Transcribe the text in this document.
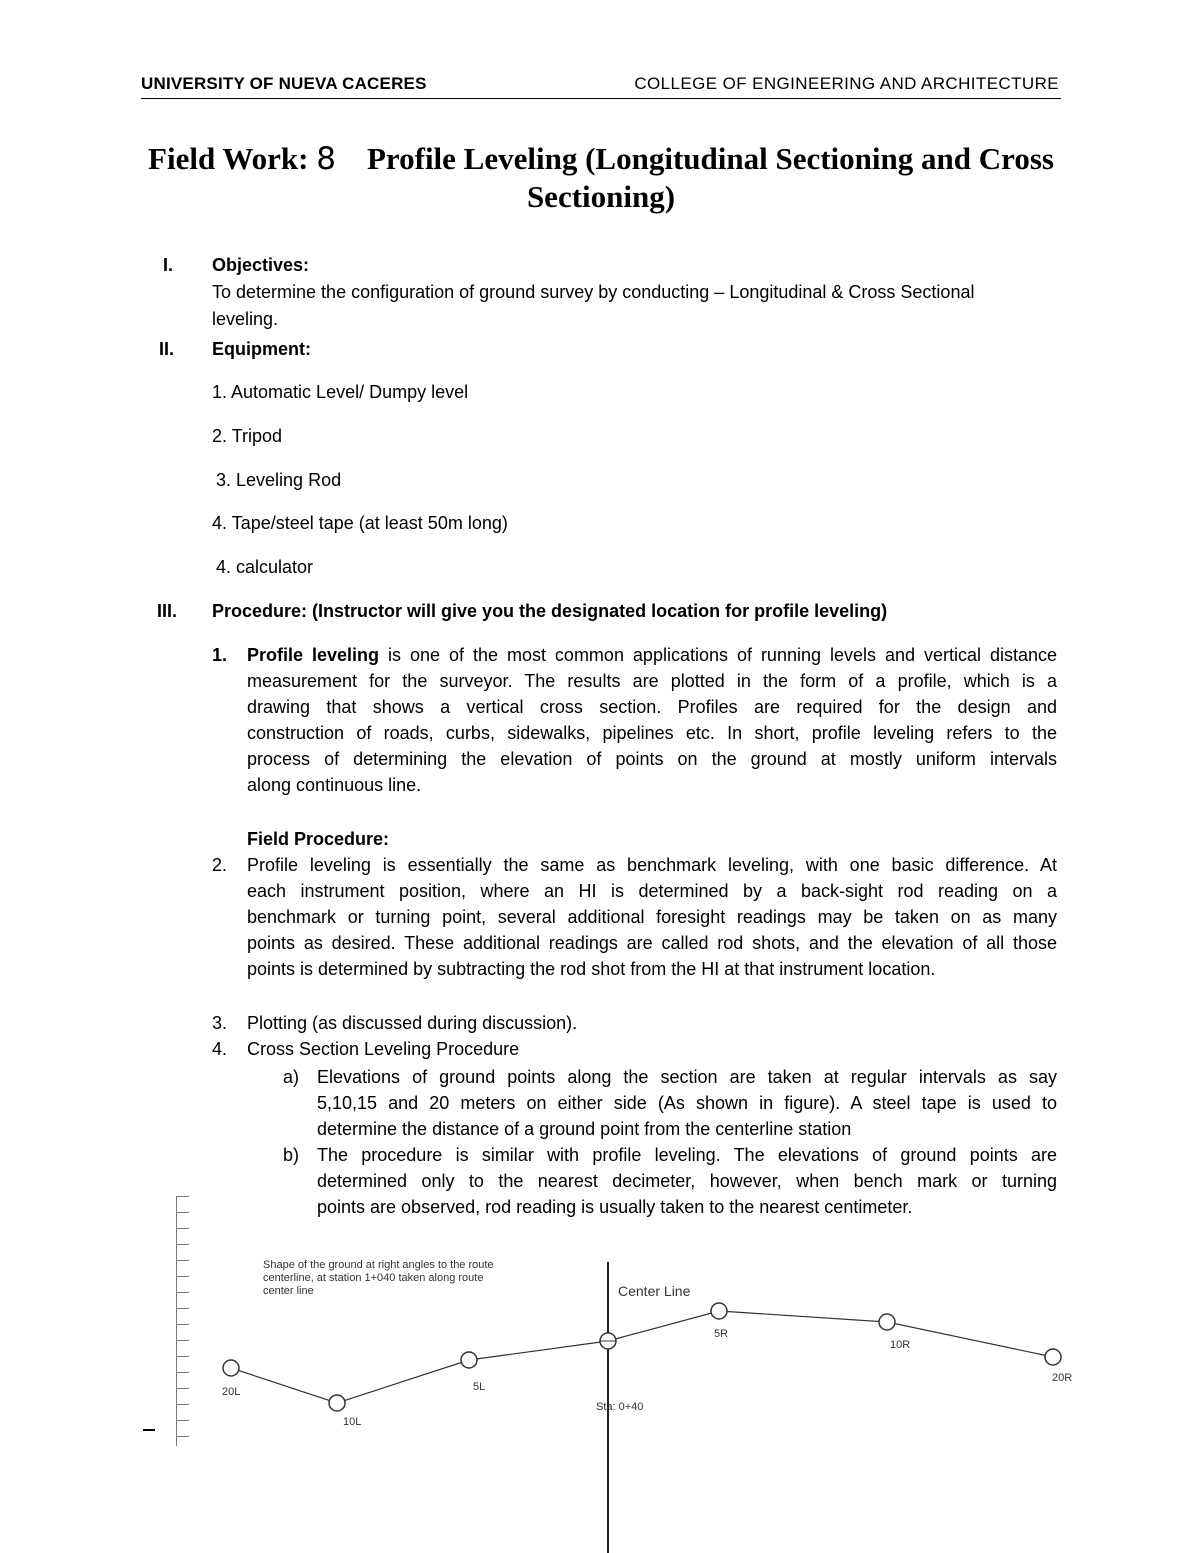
UNIVERSITY OF NUEVA CACERES	COLLEGE OF ENGINEERING AND ARCHITECTURE
Field Work: 8 Profile Leveling (Longitudinal Sectioning and Cross
Sectioning)
I. Objectives:
To determine the configuration of ground survey by conducting – Longitudinal & Cross Sectional
leveling.
II. Equipment:
1. Automatic Level/ Dumpy level
2. Tripod
3. Leveling Rod
4. Tape/steel tape (at least 50m long)
4. calculator
III. Procedure: (Instructor will give you the designated location for profile leveling)
1. Profile leveling is one of the most common applications of running levels and vertical distance
measurement for the surveyor. The results are plotted in the form of a profile, which is a
drawing that shows a vertical cross section. Profiles are required for the design and
construction of roads, curbs, sidewalks, pipelines etc. In short, profile leveling refers to the
process of determining the elevation of points on the ground at mostly uniform intervals
along continuous line.
Field Procedure:
2. Profile leveling is essentially the same as benchmark leveling, with one basic difference. At
each instrument position, where an HI is determined by a back-sight rod reading on a
benchmark or turning point, several additional foresight readings may be taken on as many
points as desired. These additional readings are called rod shots, and the elevation of all those
points is determined by subtracting the rod shot from the HI at that instrument location.
3. Plotting (as discussed during discussion).
4. Cross Section Leveling Procedure
a) Elevations of ground points along the section are taken at regular intervals as say
5,10,15 and 20 meters on either side (As shown in figure). A steel tape is used to
determine the distance of a ground point from the centerline station
b) The procedure is similar with profile leveling. The elevations of ground points are
determined only to the nearest decimeter, however, when bench mark or turning
points are observed, rod reading is usually taken to the nearest centimeter.
Shape of the ground at right angles to the route
centerline, at station 1+040 taken along route
center line	Center Line
20L
10L
5L
5R
10R
20R
Sta: 0+40
